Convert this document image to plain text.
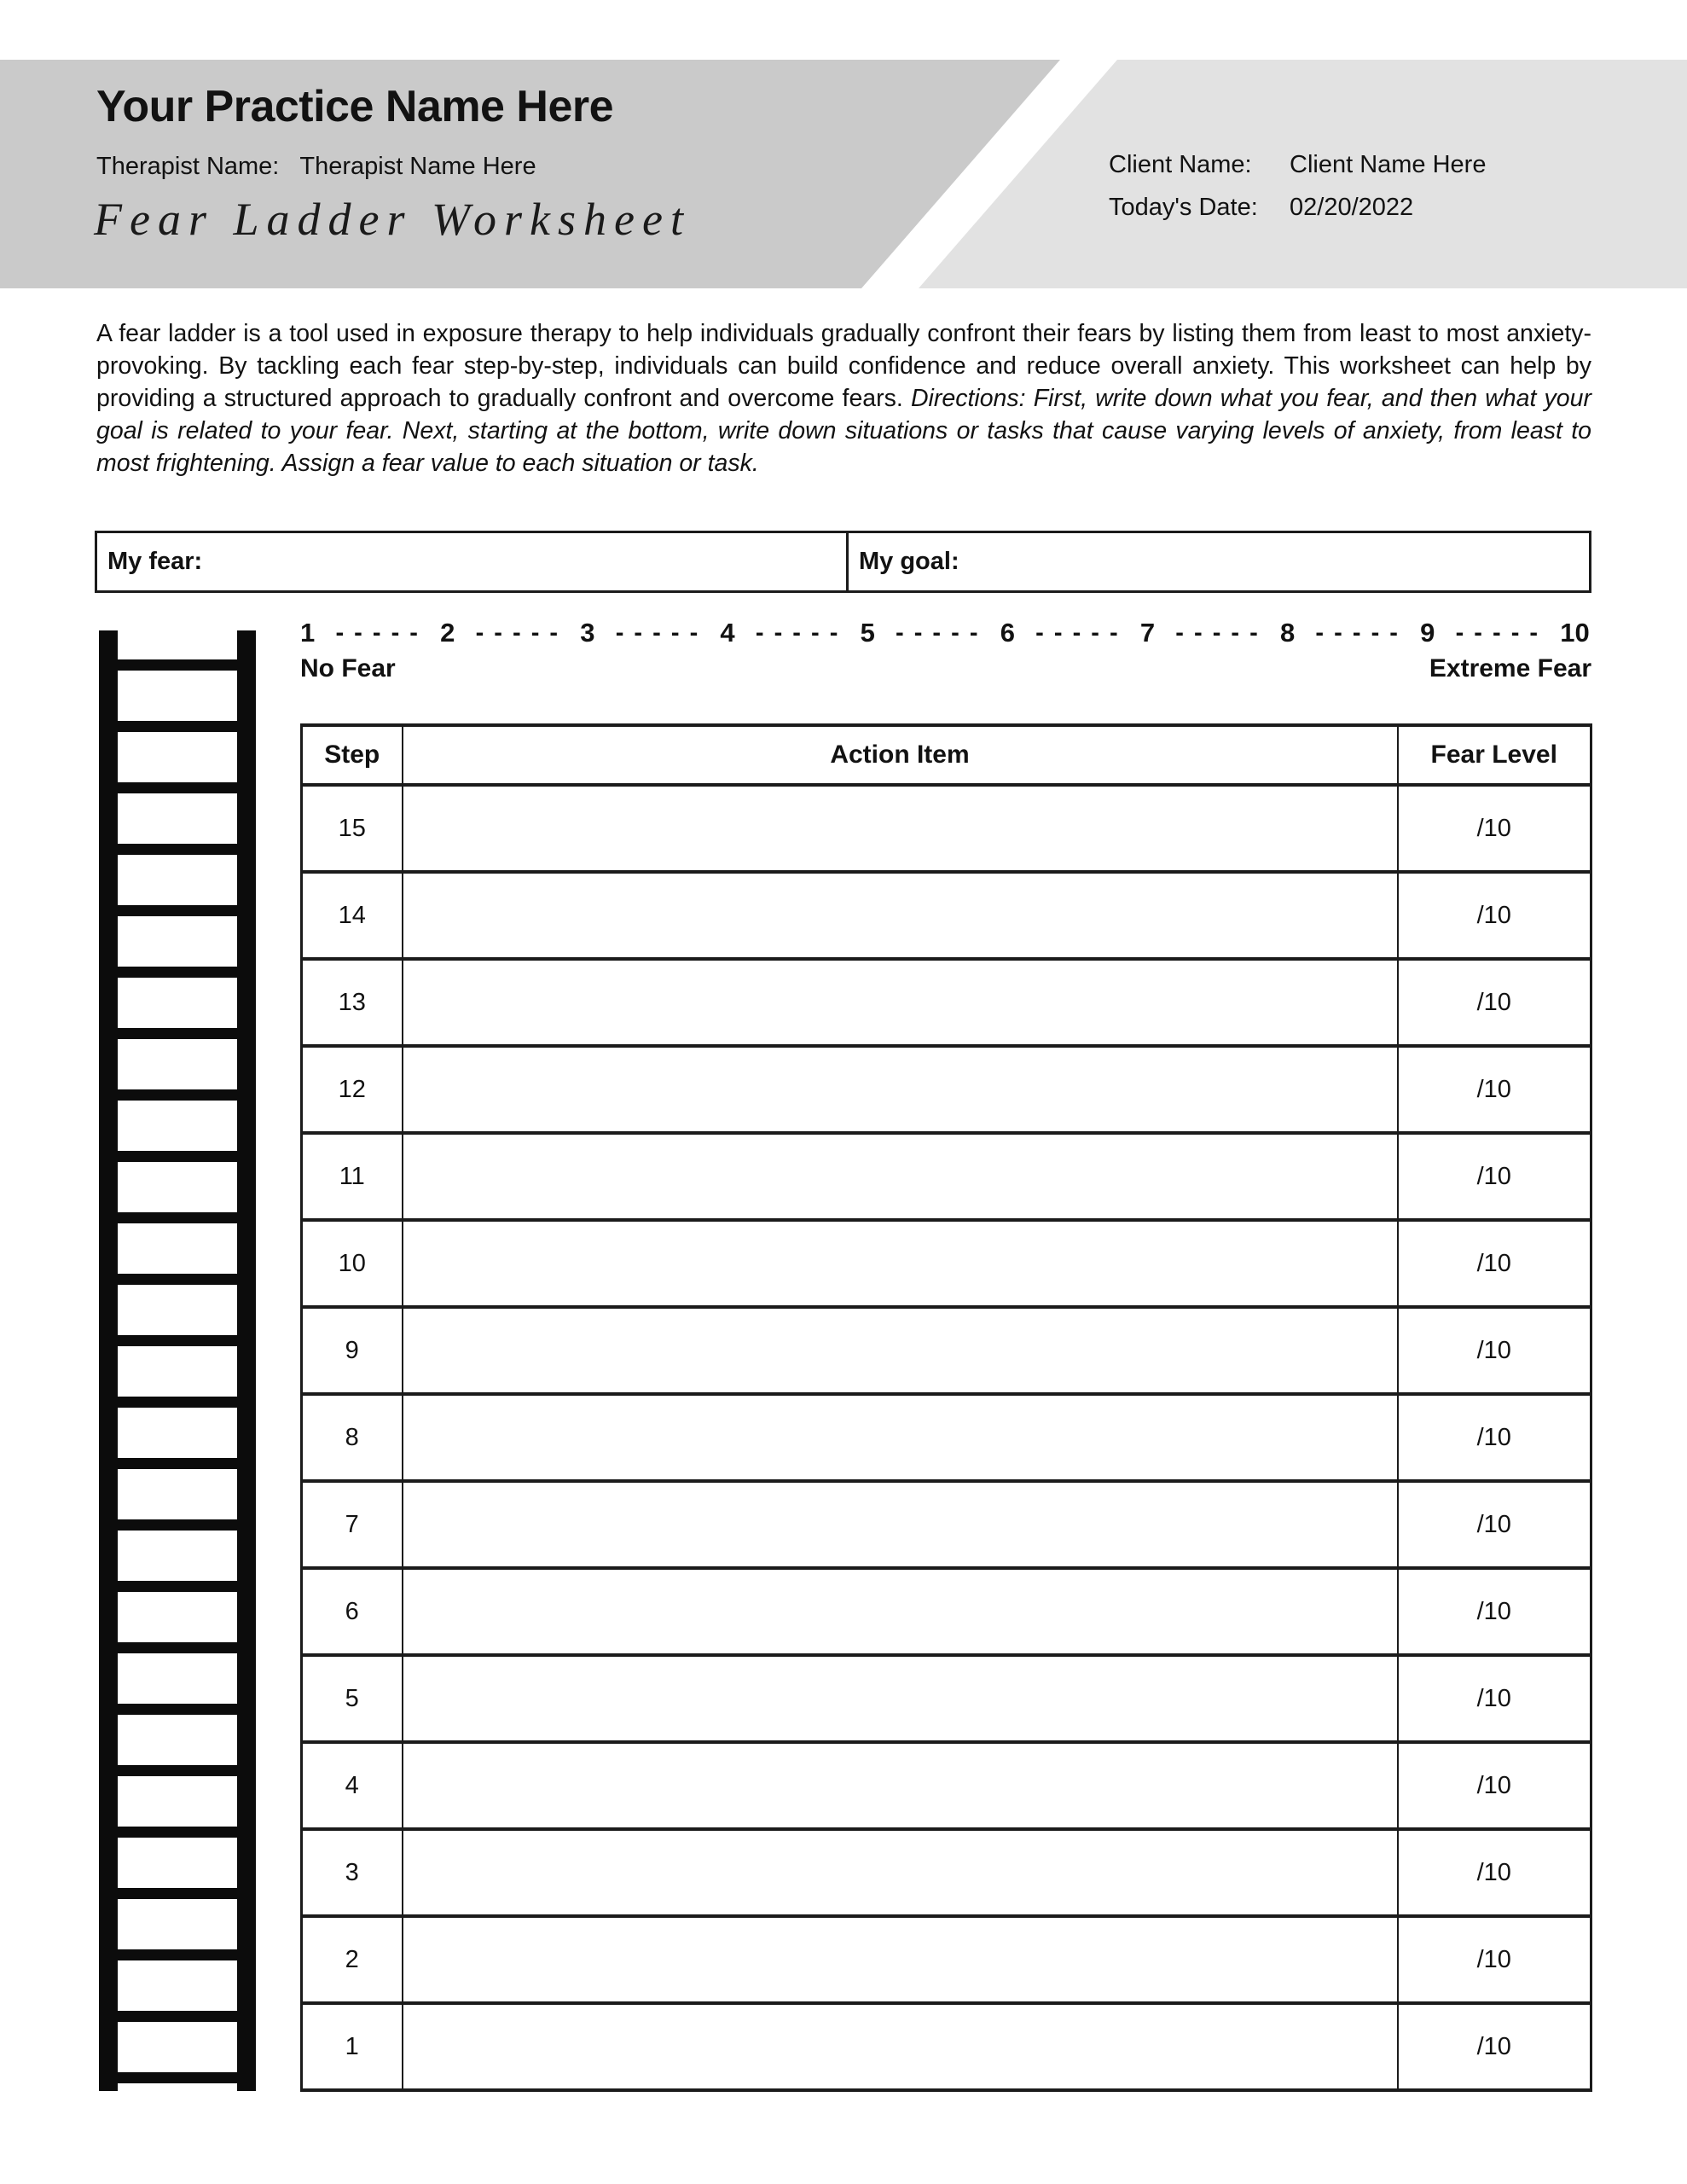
Your Practice Name Here
Therapist Name: Therapist Name Here
Fear Ladder Worksheet
Client Name:	Client Name Here
Today's Date:	02/20/2022
A fear ladder is a tool used in exposure therapy to help individuals gradually confront their fears by listing them from least to most anxiety-provoking. By tackling each fear step-by-step, individuals can build confidence and reduce overall anxiety. This worksheet can help by providing a structured approach to gradually confront and overcome fears. Directions: First, write down what you fear, and then what your goal is related to your fear. Next, starting at the bottom, write down situations or tasks that cause varying levels of anxiety, from least to most frightening. Assign a fear value to each situation or task.
My fear:	My goal:
1 - - - - - 2 - - - - - 3 - - - - - 4 - - - - - 5 - - - - - 6 - - - - - 7 - - - - - 8 - - - - - 9 - - - - - 10
No Fear	Extreme Fear
Step	Action Item	Fear Level
15		/10
14		/10
13		/10
12		/10
11		/10
10		/10
9		/10
8		/10
7		/10
6		/10
5		/10
4		/10
3		/10
2		/10
1		/10
